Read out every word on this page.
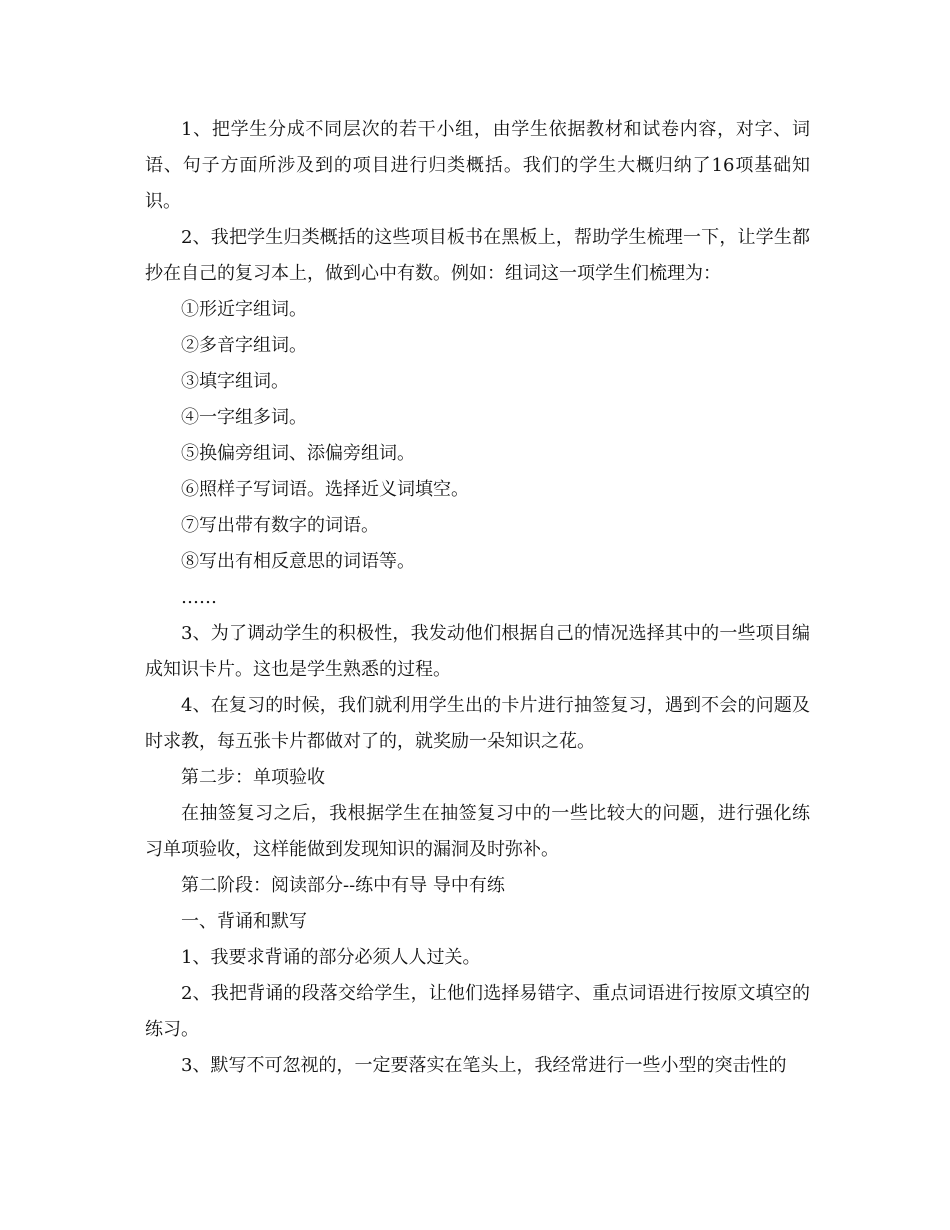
1、把学生分成不同层次的若干小组，由学生依据教材和试卷内容，对字、词语、句子方面所涉及到的项目进行归类概括。我们的学生大概归纳了16项基础知识。

2、我把学生归类概括的这些项目板书在黑板上，帮助学生梳理一下，让学生都抄在自己的复习本上，做到心中有数。例如：组词这一项学生们梳理为：

①形近字组词。

②多音字组词。

③填字组词。

④一字组多词。

⑤换偏旁组词、添偏旁组词。

⑥照样子写词语。选择近义词填空。

⑦写出带有数字的词语。

⑧写出有相反意思的词语等。

……

3、为了调动学生的积极性，我发动他们根据自己的情况选择其中的一些项目编成知识卡片。这也是学生熟悉的过程。

4、在复习的时候，我们就利用学生出的卡片进行抽签复习，遇到不会的问题及时求教，每五张卡片都做对了的，就奖励一朵知识之花。

第二步：单项验收

在抽签复习之后，我根据学生在抽签复习中的一些比较大的问题，进行强化练习单项验收，这样能做到发现知识的漏洞及时弥补。

第二阶段：阅读部分--练中有导 导中有练

一、背诵和默写

1、我要求背诵的部分必须人人过关。

2、我把背诵的段落交给学生，让他们选择易错字、重点词语进行按原文填空的练习。

3、默写不可忽视的，一定要落实在笔头上，我经常进行一些小型的突击性的
